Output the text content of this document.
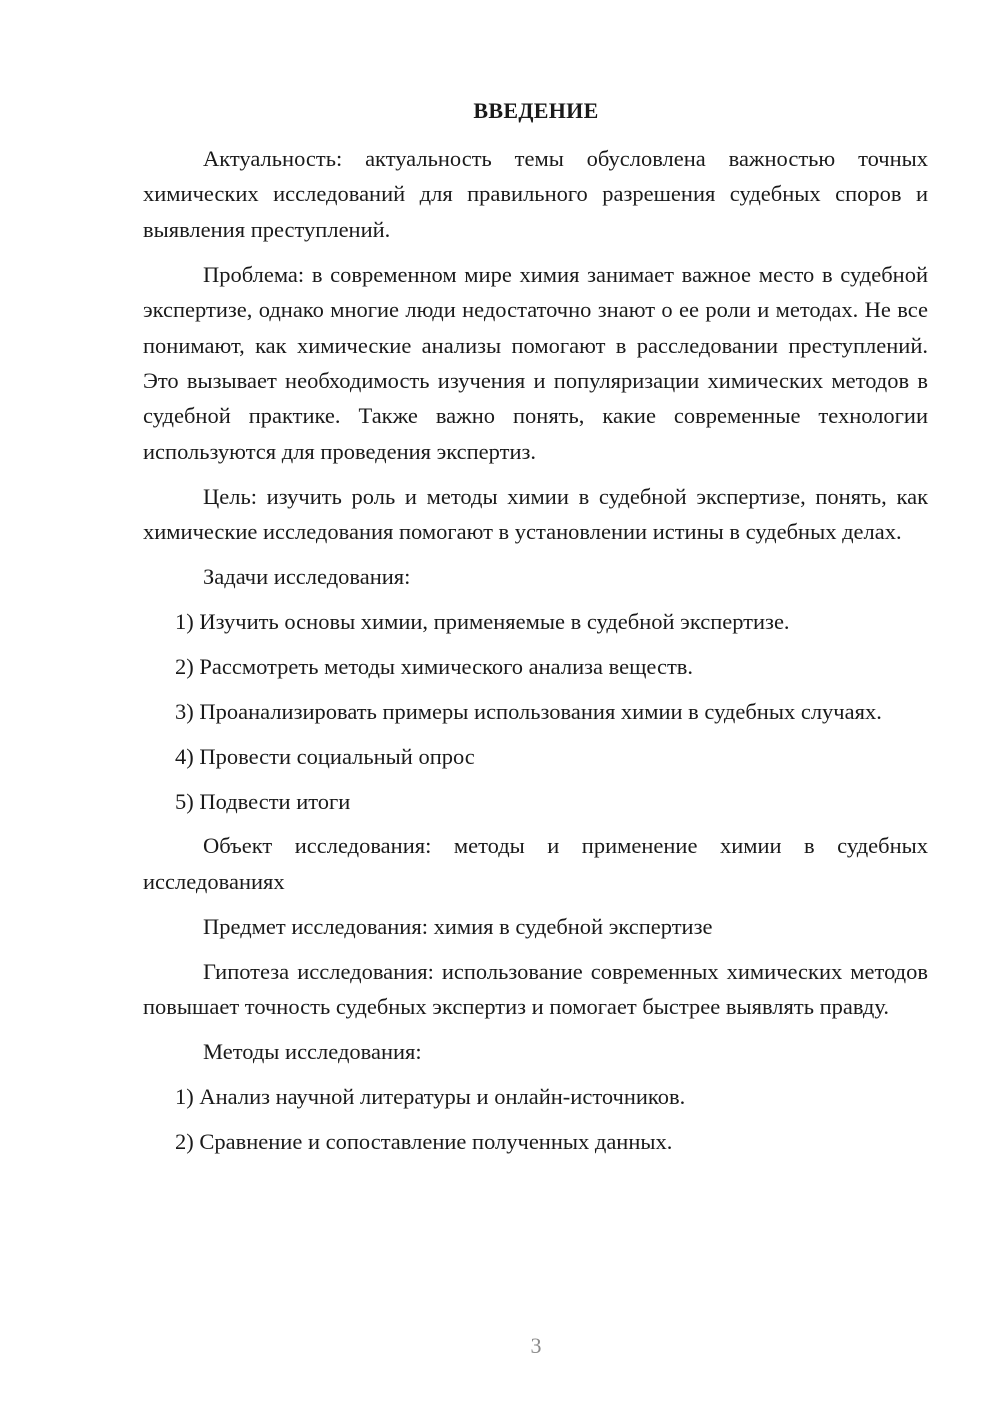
ВВЕДЕНИЕ

Актуальность: актуальность темы обусловлена важностью точных химических исследований для правильного разрешения судебных споров и выявления преступлений.

Проблема: в современном мире химия занимает важное место в судебной экспертизе, однако многие люди недостаточно знают о ее роли и методах. Не все понимают, как химические анализы помогают в расследовании преступлений. Это вызывает необходимость изучения и популяризации химических методов в судебной практике. Также важно понять, какие современные технологии используются для проведения экспертиз.

Цель: изучить роль и методы химии в судебной экспертизе, понять, как химические исследования помогают в установлении истины в судебных делах.

Задачи исследования:

1) Изучить основы химии, применяемые в судебной экспертизе.

2) Рассмотреть методы химического анализа веществ.

3) Проанализировать примеры использования химии в судебных случаях.

4) Провести социальный опрос

5) Подвести итоги

Объект исследования: методы и применение химии в судебных исследованиях

Предмет исследования: химия в судебной экспертизе

Гипотеза исследования: использование современных химических методов повышает точность судебных экспертиз и помогает быстрее выявлять правду.

Методы исследования:

1) Анализ научной литературы и онлайн-источников.

2) Сравнение и сопоставление полученных данных.

3
